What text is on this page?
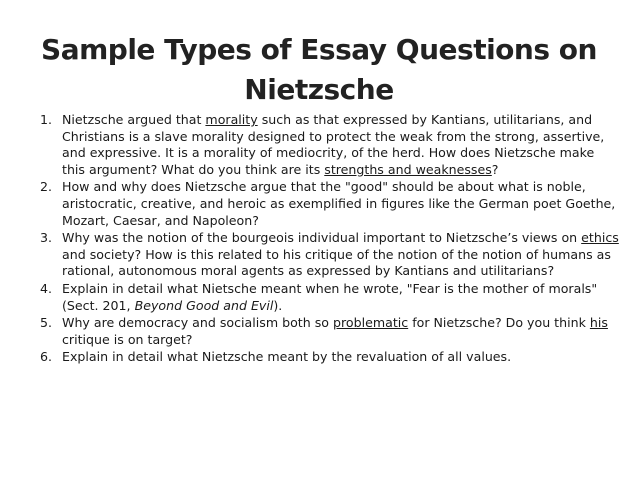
Sample Types of Essay Questions on
Nietzsche
1. Nietzsche argued that morality such as that expressed by Kantians, utilitarians, and Christians is a slave morality designed to protect the weak from the strong, assertive, and expressive. It is a morality of mediocrity, of the herd. How does Nietzsche make this argument? What do you think are its strengths and weaknesses?
2. How and why does Nietzsche argue that the "good" should be about what is noble, aristocratic, creative, and heroic as exemplified in figures like the German poet Goethe, Mozart, Caesar, and Napoleon?
3. Why was the notion of the bourgeois individual important to Nietzsche’s views on ethics and society? How is this related to his critique of the notion of the notion of humans as rational, autonomous moral agents as expressed by Kantians and utilitarians?
4. Explain in detail what Nietsche meant when he wrote, "Fear is the mother of morals" (Sect. 201, Beyond Good and Evil).
5. Why are democracy and socialism both so problematic for Nietzsche? Do you think his critique is on target?
6. Explain in detail what Nietzsche meant by the revaluation of all values.
